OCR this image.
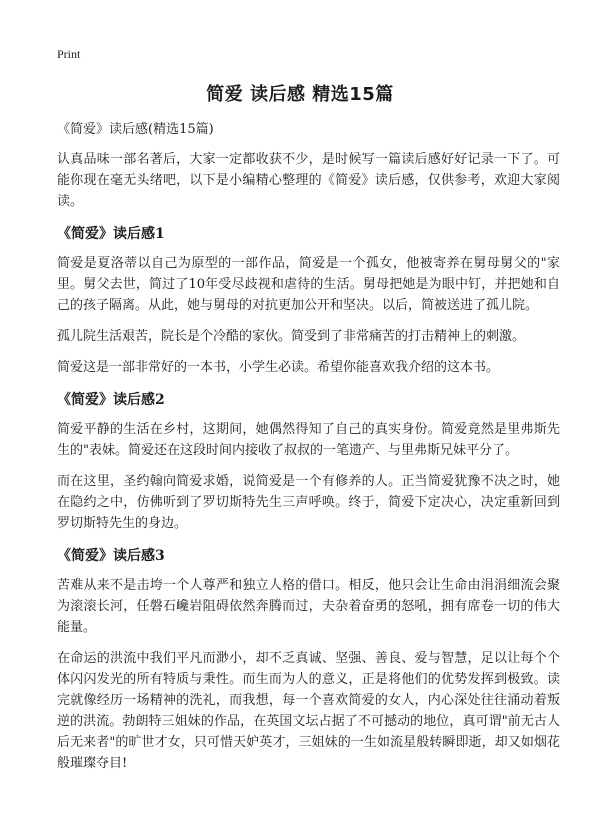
Print
简爱 读后感 精选15篇
《简爱》读后感(精选15篇)

认真品味一部名著后，大家一定都收获不少，是时候写一篇读后感好好记录一下了。可能你现在毫无头绪吧，以下是小编精心整理的《简爱》读后感，仅供参考，欢迎大家阅读。

《简爱》读后感1

简爱是夏洛蒂以自己为原型的一部作品，简爱是一个孤女，他被寄养在舅母舅父的"家里。舅父去世，简过了10年受尽歧视和虐待的生活。舅母把她是为眼中钉，并把她和自己的孩子隔离。从此，她与舅母的对抗更加公开和坚决。以后，简被送进了孤儿院。

孤儿院生活艰苦，院长是个冷酷的家伙。简受到了非常痛苦的打击精神上的刺激。

简爱这是一部非常好的一本书，小学生必读。希望你能喜欢我介绍的这本书。

《简爱》读后感2

简爱平静的生活在乡村，这期间，她偶然得知了自己的真实身份。简爱竟然是里弗斯先生的"表妹。简爱还在这段时间内接收了叔叔的一笔遗产、与里弗斯兄妹平分了。

而在这里，圣约翰向简爱求婚，说简爱是一个有修养的人。正当简爱犹豫不决之时，她在隐约之中，仿佛听到了罗切斯特先生三声呼唤。终于，简爱下定决心，决定重新回到罗切斯特先生的身边。

《简爱》读后感3

苦难从来不是击垮一个人尊严和独立人格的借口。相反，他只会让生命由涓涓细流会聚为滚滚长河，任磐石巉岩阻碍依然奔腾而过，夫杂着奋勇的怒吼，拥有席卷一切的伟大能量。

在命运的洪流中我们平凡而渺小，却不乏真诚、坚强、善良、爱与智慧，足以让每个个体闪闪发光的所有特质与秉性。而生而为人的意义，正是将他们的优势发挥到极致。读完就像经历一场精神的洗礼，而我想，每一个喜欢简爱的女人，内心深处往往涌动着叛逆的洪流。勃朗特三姐妹的作品，在英国文坛占据了不可撼动的地位，真可谓"前无古人后无来者"的旷世才女，只可惜天妒英才，三姐妹的一生如流星般转瞬即逝，却又如烟花般璀璨夺目!
